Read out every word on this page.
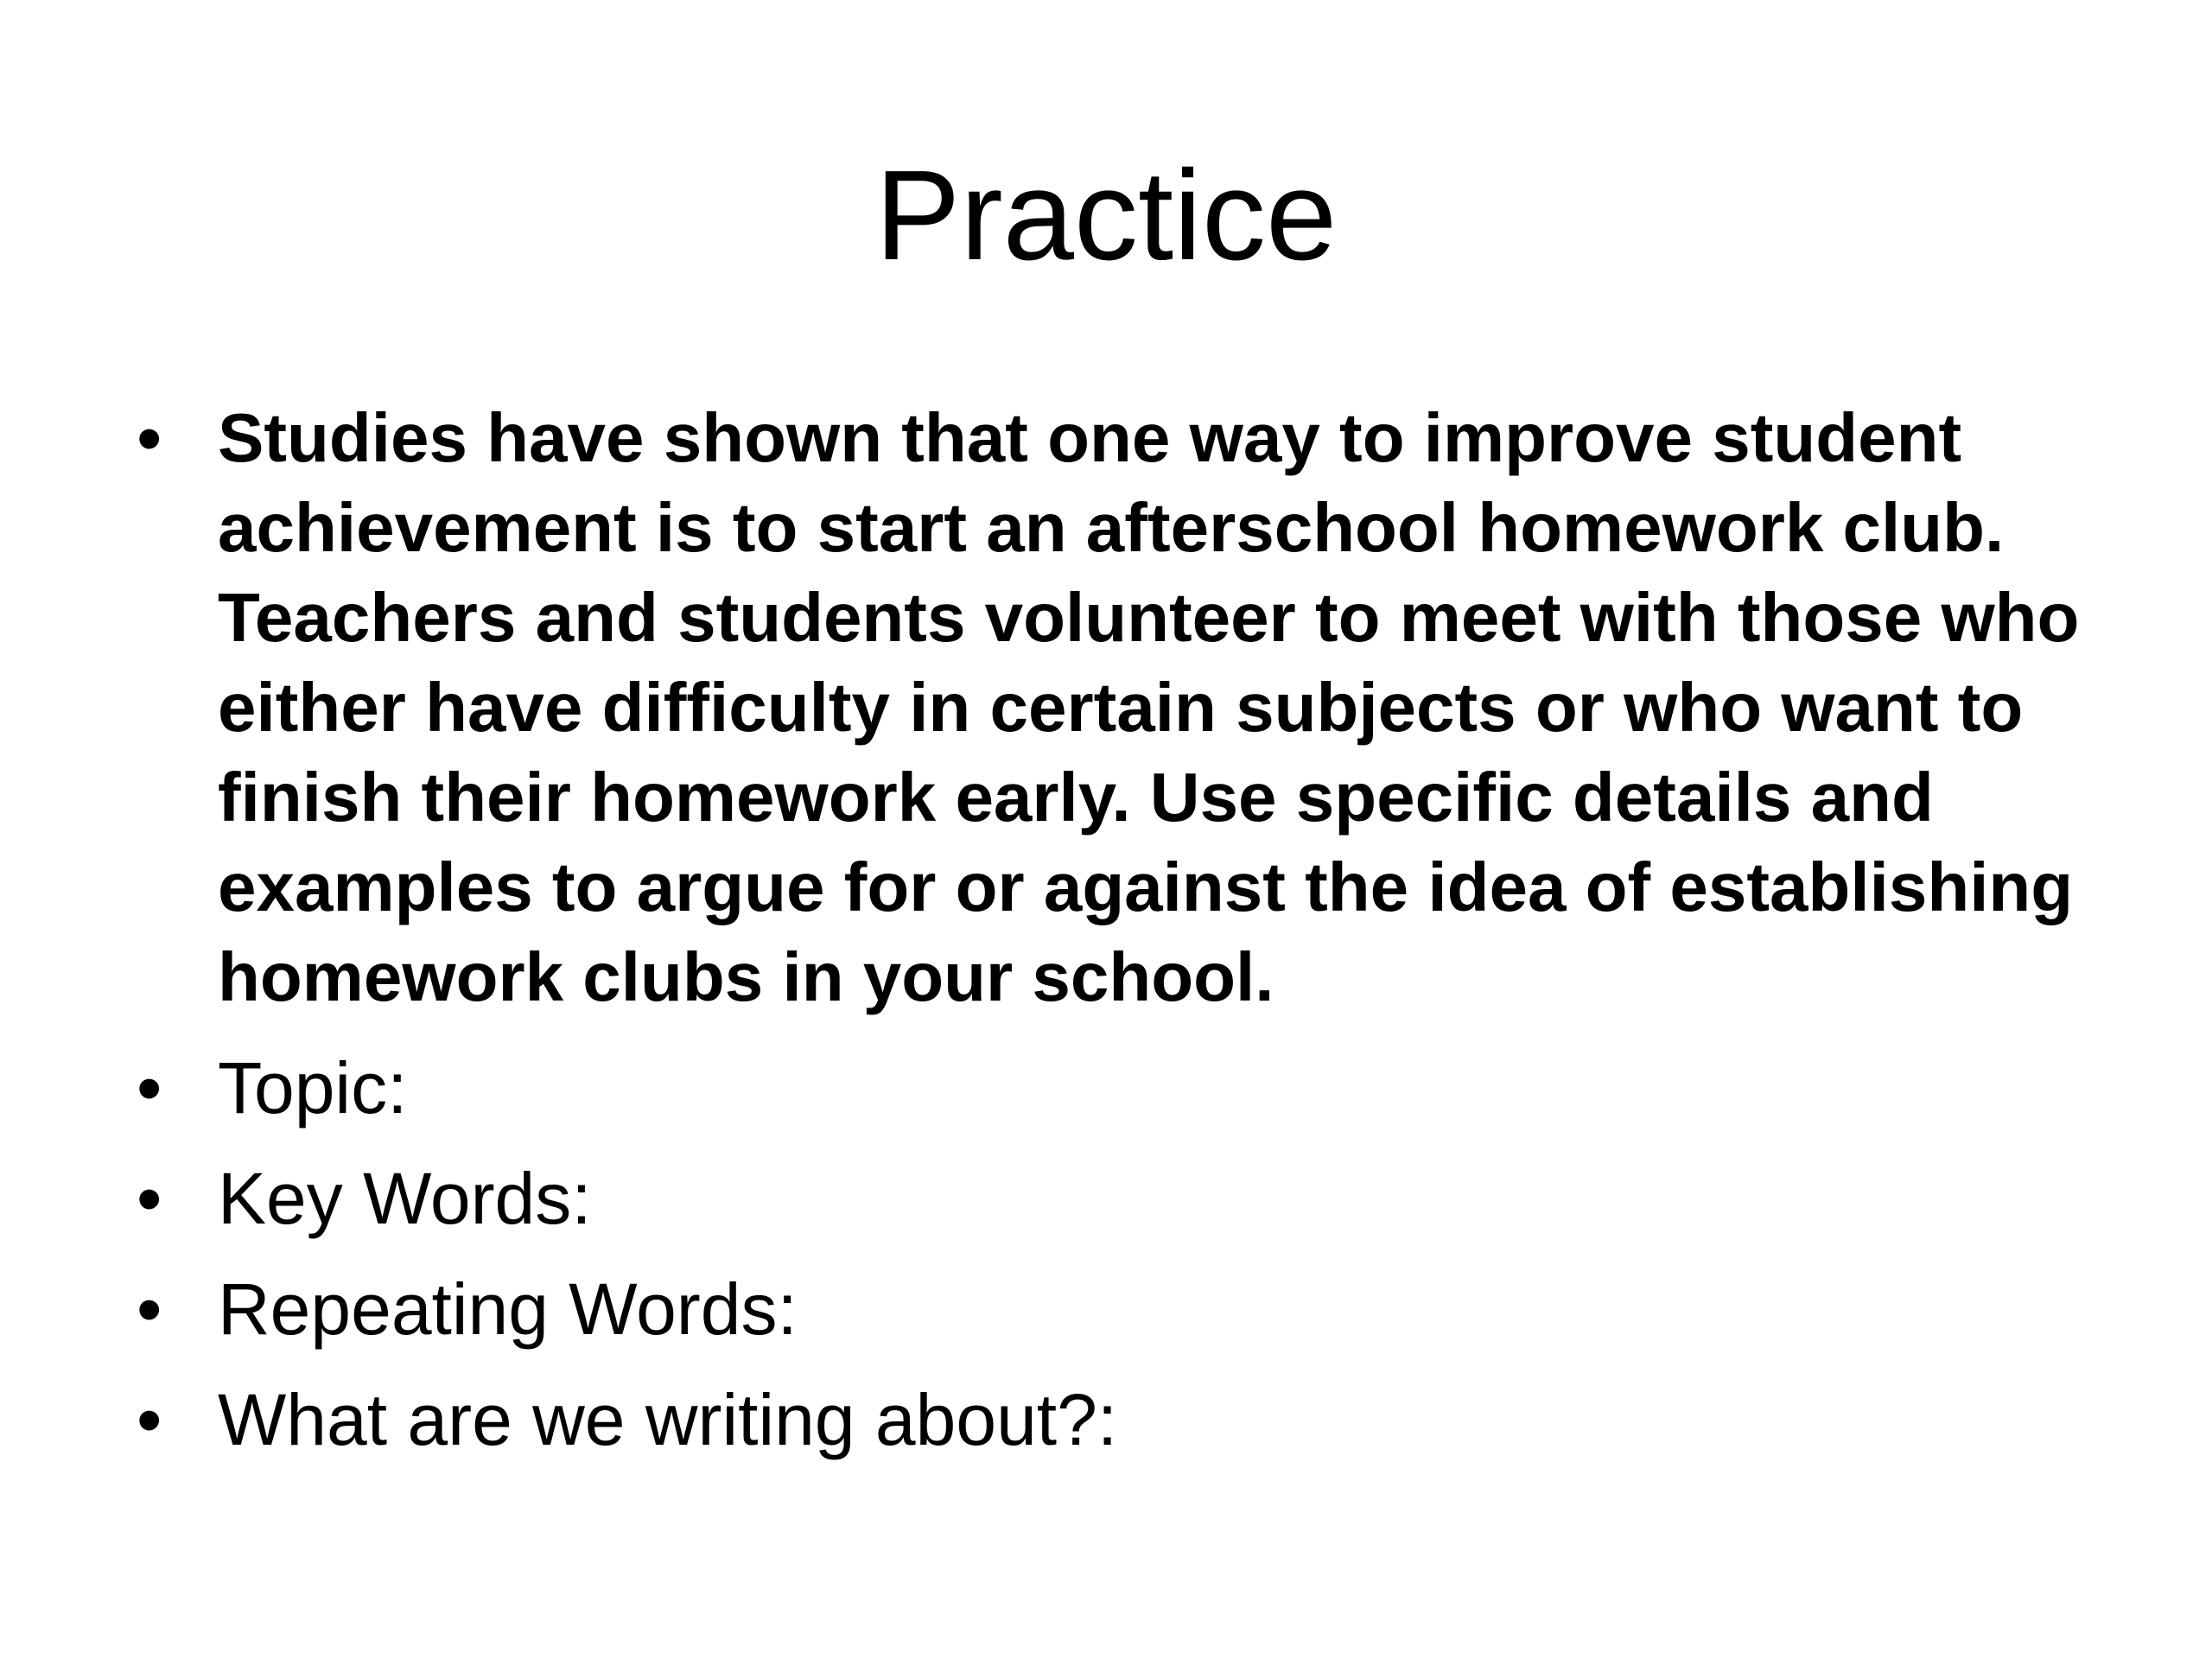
Practice
• Studies have shown that one way to improve student achievement is to start an afterschool homework club. Teachers and students volunteer to meet with those who either have difficulty in certain subjects or who want to finish their homework early. Use specific details and examples to argue for or against the idea of establishing homework clubs in your school.
• Topic:
• Key Words:
• Repeating Words:
• What are we writing about?:
